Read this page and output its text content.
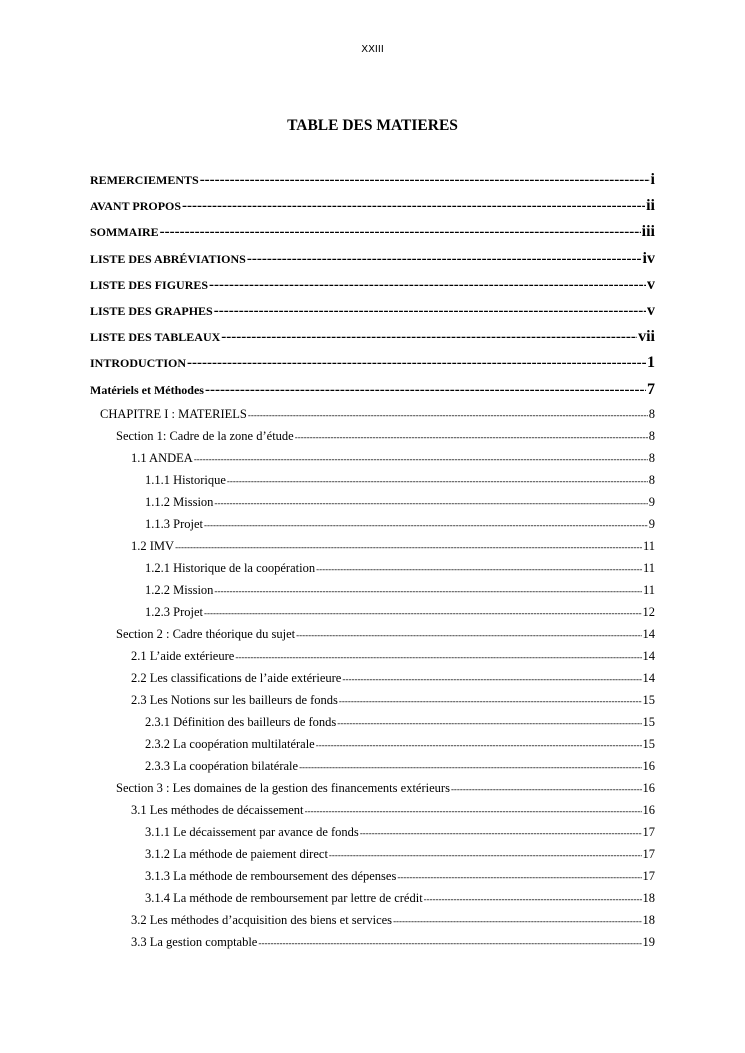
XXIII
TABLE DES MATIERES
REMERCIEMENTS -----	i
AVANT PROPOS -----	ii
SOMMAIRE -----	iii
LISTE DES ABRÉVIATIONS -----	iv
LISTE DES FIGURES -----	v
LISTE DES GRAPHES -----	v
LISTE DES TABLEAUX -----	vii
INTRODUCTION -----	1
Matériels et Méthodes -----	7
CHAPITRE I : MATERIELS -----	8
Section 1: Cadre de la zone d’étude -----	8
1.1 ANDEA -----	8
1.1.1 Historique -----	8
1.1.2 Mission -----	9
1.1.3 Projet -----	9
1.2 IMV -----	11
1.2.1 Historique de la coopération -----	11
1.2.2 Mission -----	11
1.2.3 Projet -----	12
Section 2 : Cadre théorique du sujet -----	14
2.1 L’aide extérieure -----	14
2.2 Les classifications de l’aide extérieure -----	14
2.3 Les Notions sur les bailleurs de fonds -----	15
2.3.1 Définition des bailleurs de fonds -----	15
2.3.2 La coopération multilatérale -----	15
2.3.3 La coopération bilatérale -----	16
Section 3 : Les domaines de la gestion des financements extérieurs -----	16
3.1 Les méthodes de décaissement -----	16
3.1.1 Le décaissement par avance de fonds -----	17
3.1.2 La méthode de paiement direct -----	17
3.1.3 La méthode de remboursement des dépenses -----	17
3.1.4 La méthode de remboursement par lettre de crédit -----	18
3.2 Les méthodes d’acquisition des biens et services -----	18
3.3 La gestion comptable -----	19
